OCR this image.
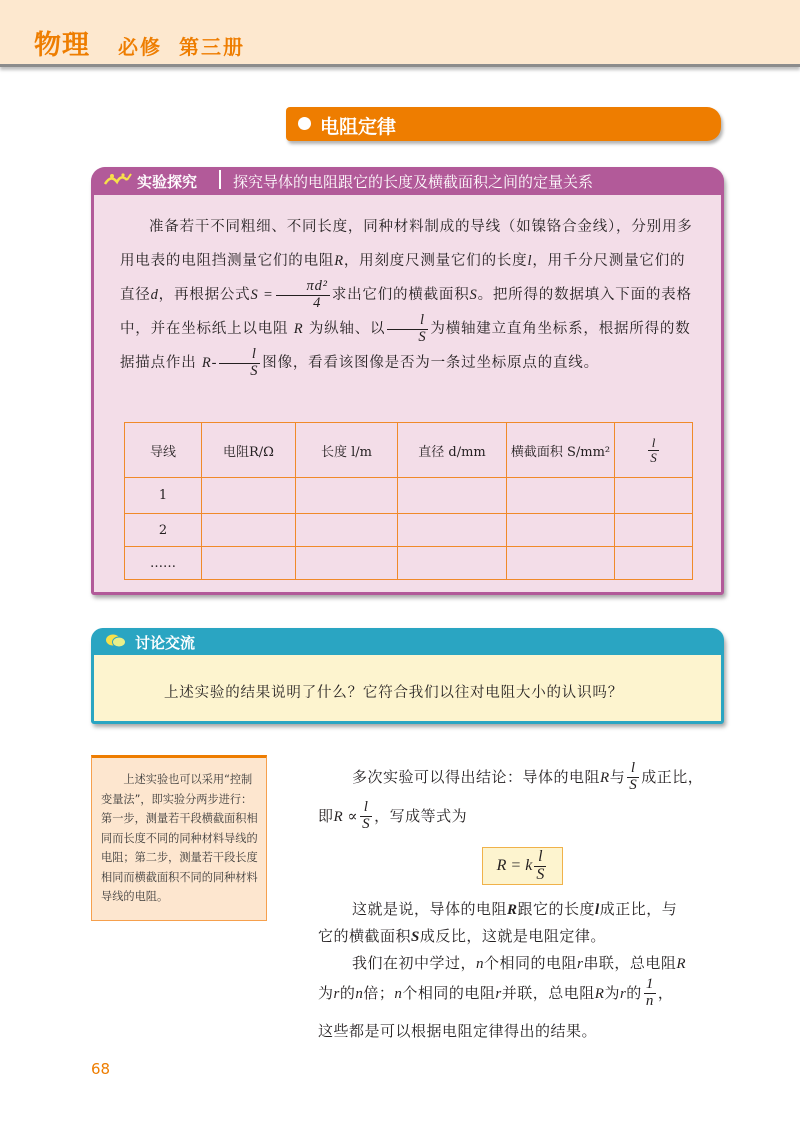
物理 必修 第三册
电阻定律
实验探究 探究导体的电阻跟它的长度及横截面积之间的定量关系

准备若干不同粗细、不同长度，同种材料制成的导线（如镍铬合金线），分别用多用电表的电阻挡测量它们的电阻R，用刻度尺测量它们的长度l，用千分尺测量它们的直径d，再根据公式$S = \frac{\text{πd²}}{4}$ 求出它们的横截面积S。把所得的数据填入下面的表格中，并在坐标纸上以电阻 R 为纵轴、以 $\frac{l}{S}$ 为横轴建立直角坐标系，根据所得的数据描点作出 $R- \frac{l}{S}$ 图像，看看该图像是否为一条过坐标原点的直线。

导线	电阻R/Ω	长度 l/m	直径 d/mm	横截面积 S/mm²	$\frac{l}{S}$

1					
2					
……					
讨论交流
上述实验的结果说明了什么？它符合我们以往对电阻大小的认识吗？

上述实验也可以采用“控制变量法”，即实验分两步进行：第一步，测量若干段横截面积相同而长度不同的同种材料导线的电阻；第二步，测量若干段长度相同而横截面积不同的同种材料导线的电阻。

多次实验可以得出结论：导体的电阻R与 $\frac{l}{S}$ 成正比，
即$R \propto \frac{l}{S}$ ，写成等式为
R = k $\frac{l}{S}$
这就是说，导体的电阻R跟它的长度l成正比，与
它的横截面积S成反比，这就是电阻定律。
我们在初中学过，n个相同的电阻r串联，总电阻R
为r的n倍；n个相同的电阻r并联，总电阻R为r的 $\frac{1}{n}$ ，
这些都是可以根据电阻定律得出的结果。
68
